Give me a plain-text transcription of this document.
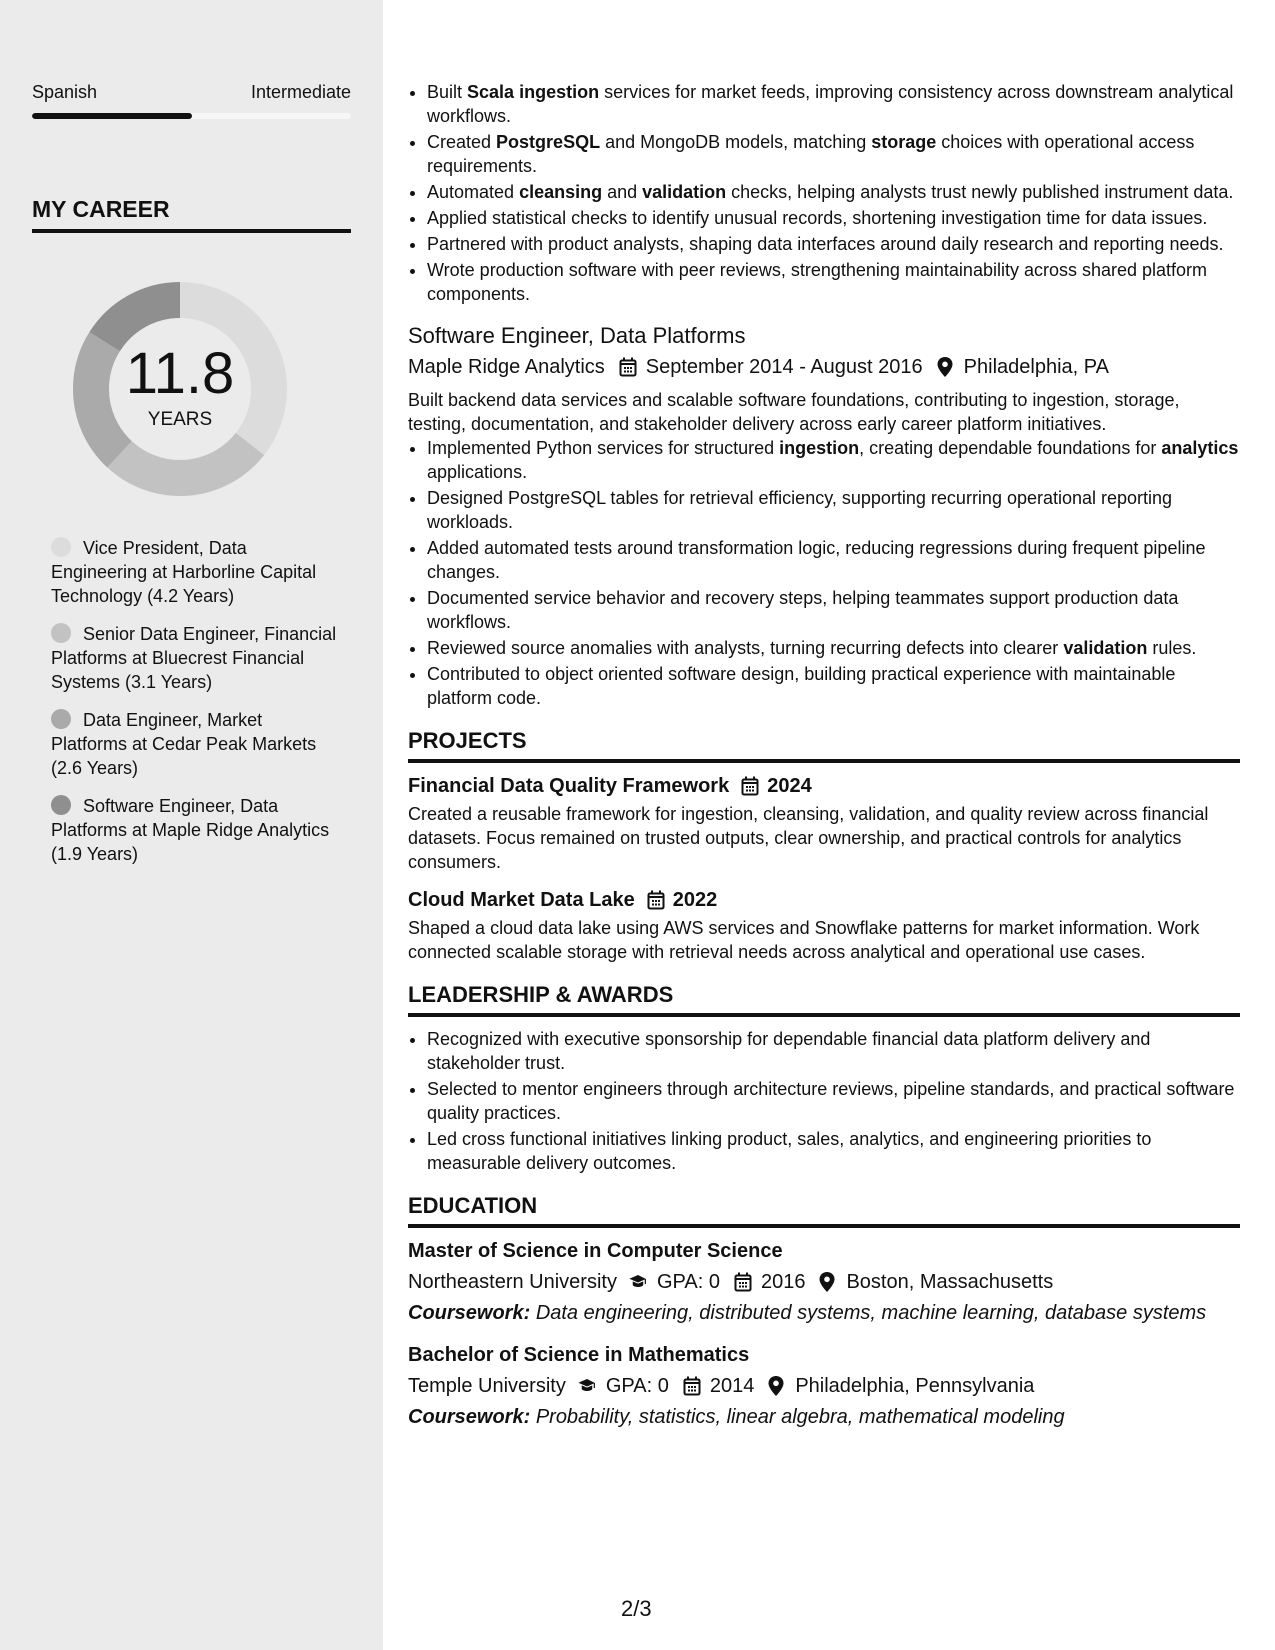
Spanish	Intermediate
MY CAREER
11.8
YEARS
Vice President, Data Engineering at Harborline Capital Technology (4.2 Years)
Senior Data Engineer, Financial Platforms at Bluecrest Financial Systems (3.1 Years)
Data Engineer, Market Platforms at Cedar Peak Markets (2.6 Years)
Software Engineer, Data Platforms at Maple Ridge Analytics (1.9 Years)
• Built Scala ingestion services for market feeds, improving consistency across downstream analytical workflows.
• Created PostgreSQL and MongoDB models, matching storage choices with operational access requirements.
• Automated cleansing and validation checks, helping analysts trust newly published instrument data.
• Applied statistical checks to identify unusual records, shortening investigation time for data issues.
• Partnered with product analysts, shaping data interfaces around daily research and reporting needs.
• Wrote production software with peer reviews, strengthening maintainability across shared platform components.
Software Engineer, Data Platforms
Maple Ridge Analytics September 2014 - August 2016 Philadelphia, PA
Built backend data services and scalable software foundations, contributing to ingestion, storage, testing, documentation, and stakeholder delivery across early career platform initiatives.
• Implemented Python services for structured ingestion, creating dependable foundations for analytics applications.
• Designed PostgreSQL tables for retrieval efficiency, supporting recurring operational reporting workloads.
• Added automated tests around transformation logic, reducing regressions during frequent pipeline changes.
• Documented service behavior and recovery steps, helping teammates support production data workflows.
• Reviewed source anomalies with analysts, turning recurring defects into clearer validation rules.
• Contributed to object oriented software design, building practical experience with maintainable platform code.
PROJECTS
Financial Data Quality Framework 2024
Created a reusable framework for ingestion, cleansing, validation, and quality review across financial datasets. Focus remained on trusted outputs, clear ownership, and practical controls for analytics consumers.
Cloud Market Data Lake 2022
Shaped a cloud data lake using AWS services and Snowflake patterns for market information. Work connected scalable storage with retrieval needs across analytical and operational use cases.
LEADERSHIP & AWARDS
• Recognized with executive sponsorship for dependable financial data platform delivery and stakeholder trust.
• Selected to mentor engineers through architecture reviews, pipeline standards, and practical software quality practices.
• Led cross functional initiatives linking product, sales, analytics, and engineering priorities to measurable delivery outcomes.
EDUCATION
Master of Science in Computer Science
Northeastern University GPA: 0 2016 Boston, Massachusetts
Coursework: Data engineering, distributed systems, machine learning, database systems
Bachelor of Science in Mathematics
Temple University GPA: 0 2014 Philadelphia, Pennsylvania
Coursework: Probability, statistics, linear algebra, mathematical modeling
2/3
